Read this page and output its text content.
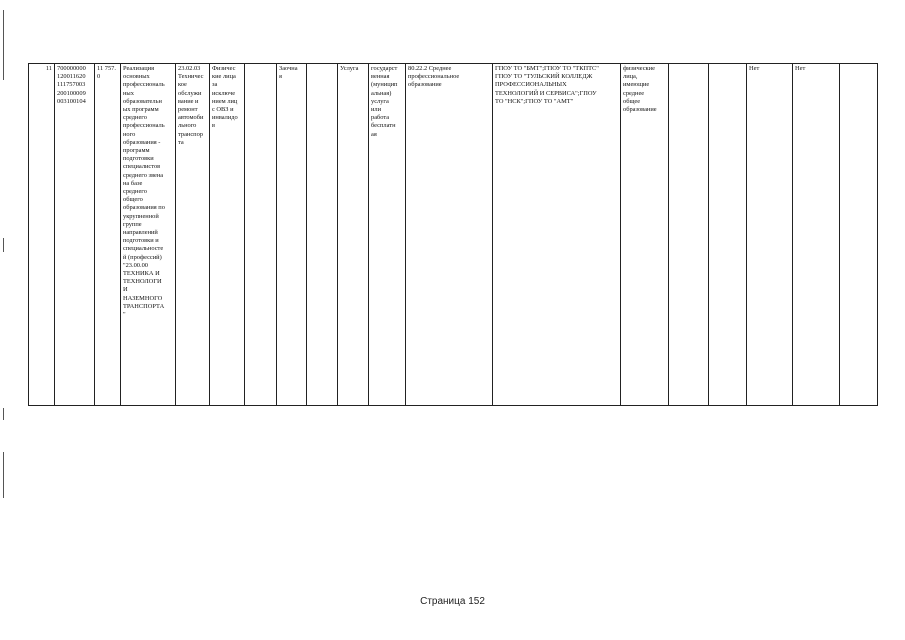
11	700000000
120011620
111757003
200100009
003100104	11 757.
0	Реализация
основных
профессиональ
ных
образовательн
ых программ
среднего
профессиональ
ного
образования -
программ
подготовки
специалистов
среднего звена
на базе
среднего
общего
образования по
укрупненной
группе
направлений
подготовки и
специальносте
й (профессий)
"23.00.00
ТЕХНИКА И
ТЕХНОЛОГИ
И
НАЗЕМНОГО
ТРАНСПОРТА
"	23.02.03
Техничес
кое
обслужи
вание и
ремонт
автомоби
льного
транспор
та	Физичес
кие лица
за
исключе
нием лиц
с ОВЗ и
инвалидо
в		Заочна
я		Услуга	государст
венная
(муницип
альная)
услуга
или
работа
бесплатн
ая	80.22.2 Среднее
профессиональное
образование	ГПОУ ТО "БМТ";ГПОУ ТО "ТКПТС"
ГПОУ ТО "ТУЛЬСКИЙ КОЛЛЕДЖ
ПРОФЕССИОНАЛЬНЫХ
ТЕХНОЛОГИЙ И СЕРВИСА";ГПОУ
ТО "НСК";ГПОУ ТО "АМТ"	физические
лица,
имеющие
среднее
общее
образование			Нет	Нет	
Страница 152
